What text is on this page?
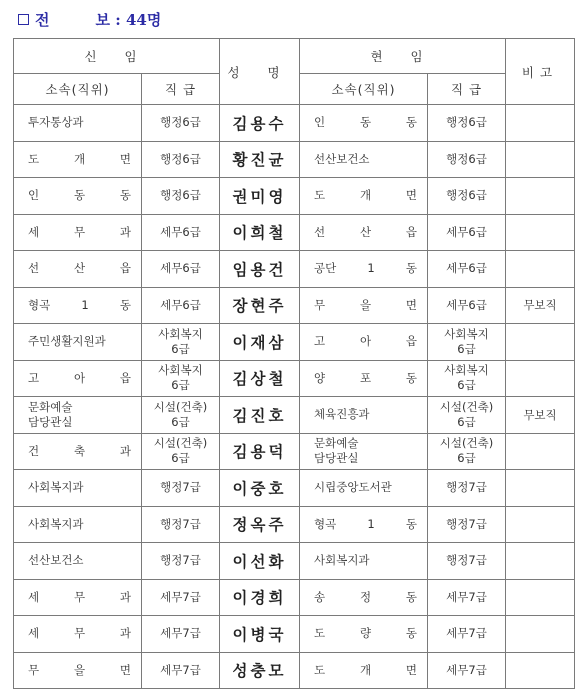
전	보 : 44명
신 임		성 명	현 임		비고
소속(직위)	직 급		소속(직위)	직 급	

투자통상과	행정6급	김용수	인 동 동	행정6급	

도 개 면	행정6급	황진균	선산보건소	행정6급	

인 동 동	행정6급	권미영	도 개 면	행정6급	

세 무 과	세무6급	이희철	선 산 읍	세무6급	

선 산 읍	세무6급	임용건	공단 1 동	세무6급	

형곡 1 동	세무6급	장현주	무 을 면	세무6급	무보직

주민생활지원과	사회복지
6급	이재삼	고 아 읍	사회복지
6급	

고 아 읍	사회복지
6급	김상철	양 포 동	사회복지
6급	

문화예술
담당관실	시설(건축)
6급	김진호	체육진흥과	시설(건축)
6급	무보직

건 축 과	시설(건축)
6급	김용덕	문화예술
담당관실	시설(건축)
6급	

사회복지과	행정7급	이중호	시립중앙도서관	행정7급	

사회복지과	행정7급	정옥주	형곡 1 동	행정7급	

선산보건소	행정7급	이선화	사회복지과	행정7급	

세 무 과	세무7급	이경희	송 정 동	세무7급	

세 무 과	세무7급	이병국	도 량 동	세무7급	

무 을 면	세무7급	성충모	도 개 면	세무7급	
